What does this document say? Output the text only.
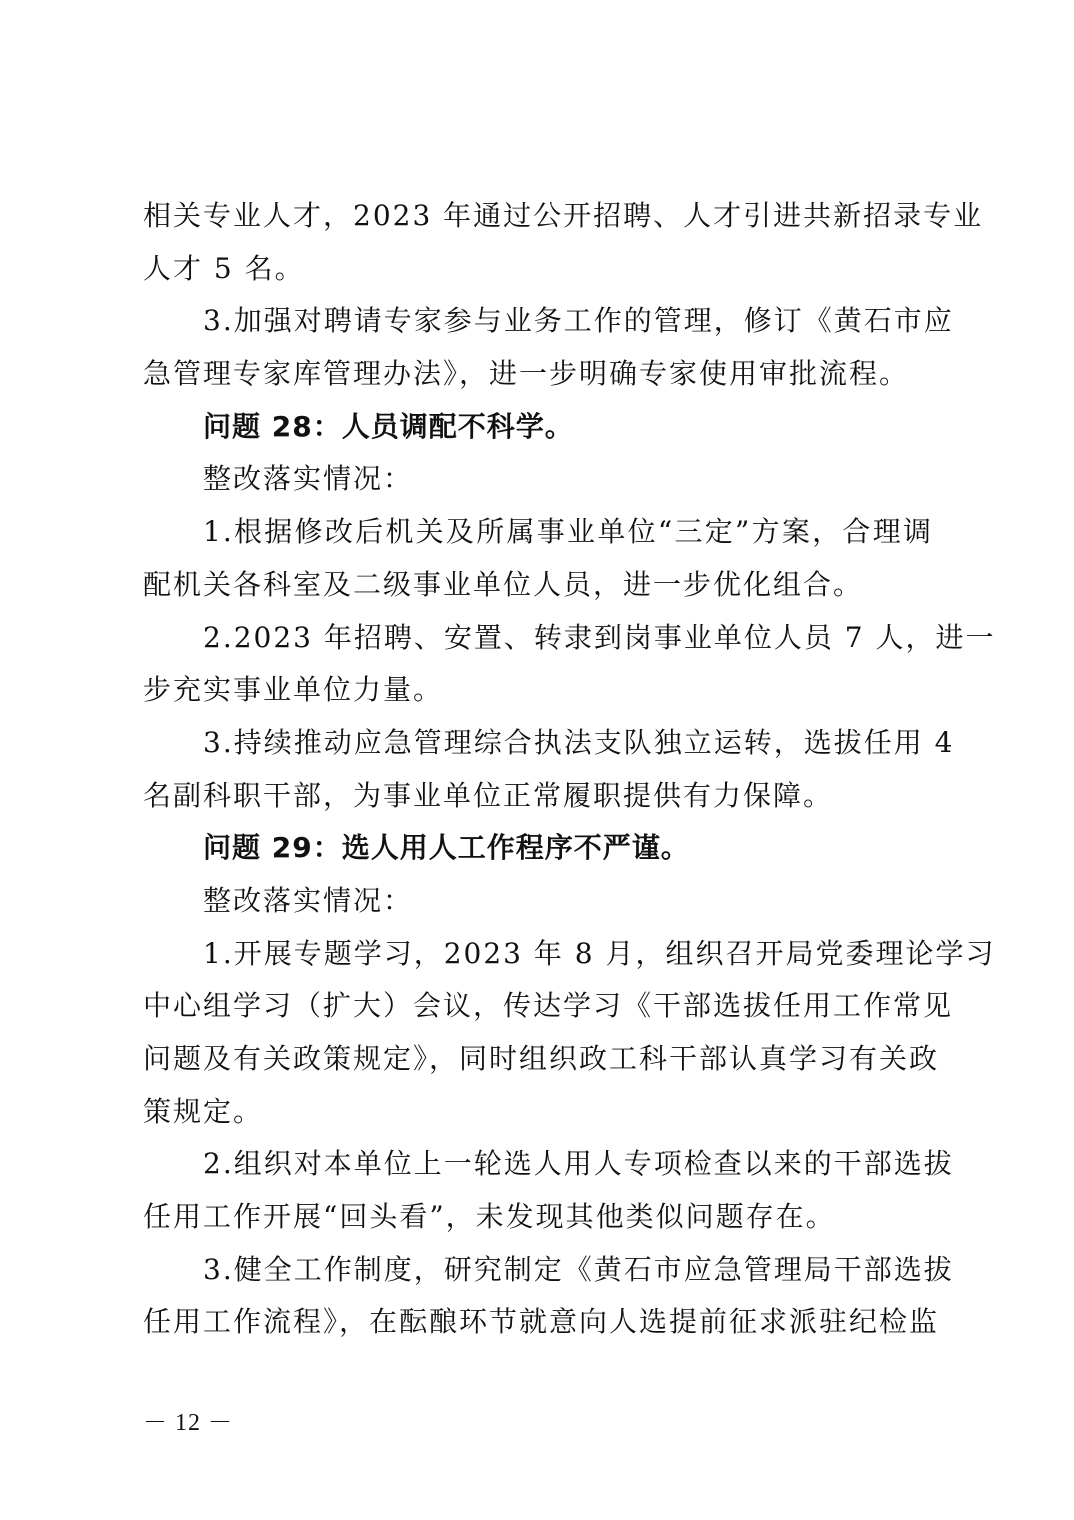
相关专业人才，2023 年通过公开招聘、人才引进共新招录专业
人才 5 名。
3.加强对聘请专家参与业务工作的管理，修订《黄石市应
急管理专家库管理办法》，进一步明确专家使用审批流程。
问题 28：人员调配不科学。
整改落实情况：
1.根据修改后机关及所属事业单位“三定”方案，合理调
配机关各科室及二级事业单位人员，进一步优化组合。
2.2023 年招聘、安置、转隶到岗事业单位人员 7 人，进一
步充实事业单位力量。
3.持续推动应急管理综合执法支队独立运转，选拔任用 4
名副科职干部，为事业单位正常履职提供有力保障。
问题 29：选人用人工作程序不严谨。
整改落实情况：
1.开展专题学习，2023 年 8 月，组织召开局党委理论学习
中心组学习（扩大）会议，传达学习《干部选拔任用工作常见
问题及有关政策规定》，同时组织政工科干部认真学习有关政
策规定。
2.组织对本单位上一轮选人用人专项检查以来的干部选拔
任用工作开展“回头看”，未发现其他类似问题存在。
3.健全工作制度，研究制定《黄石市应急管理局干部选拔
任用工作流程》，在酝酿环节就意向人选提前征求派驻纪检监
－ 12 －
